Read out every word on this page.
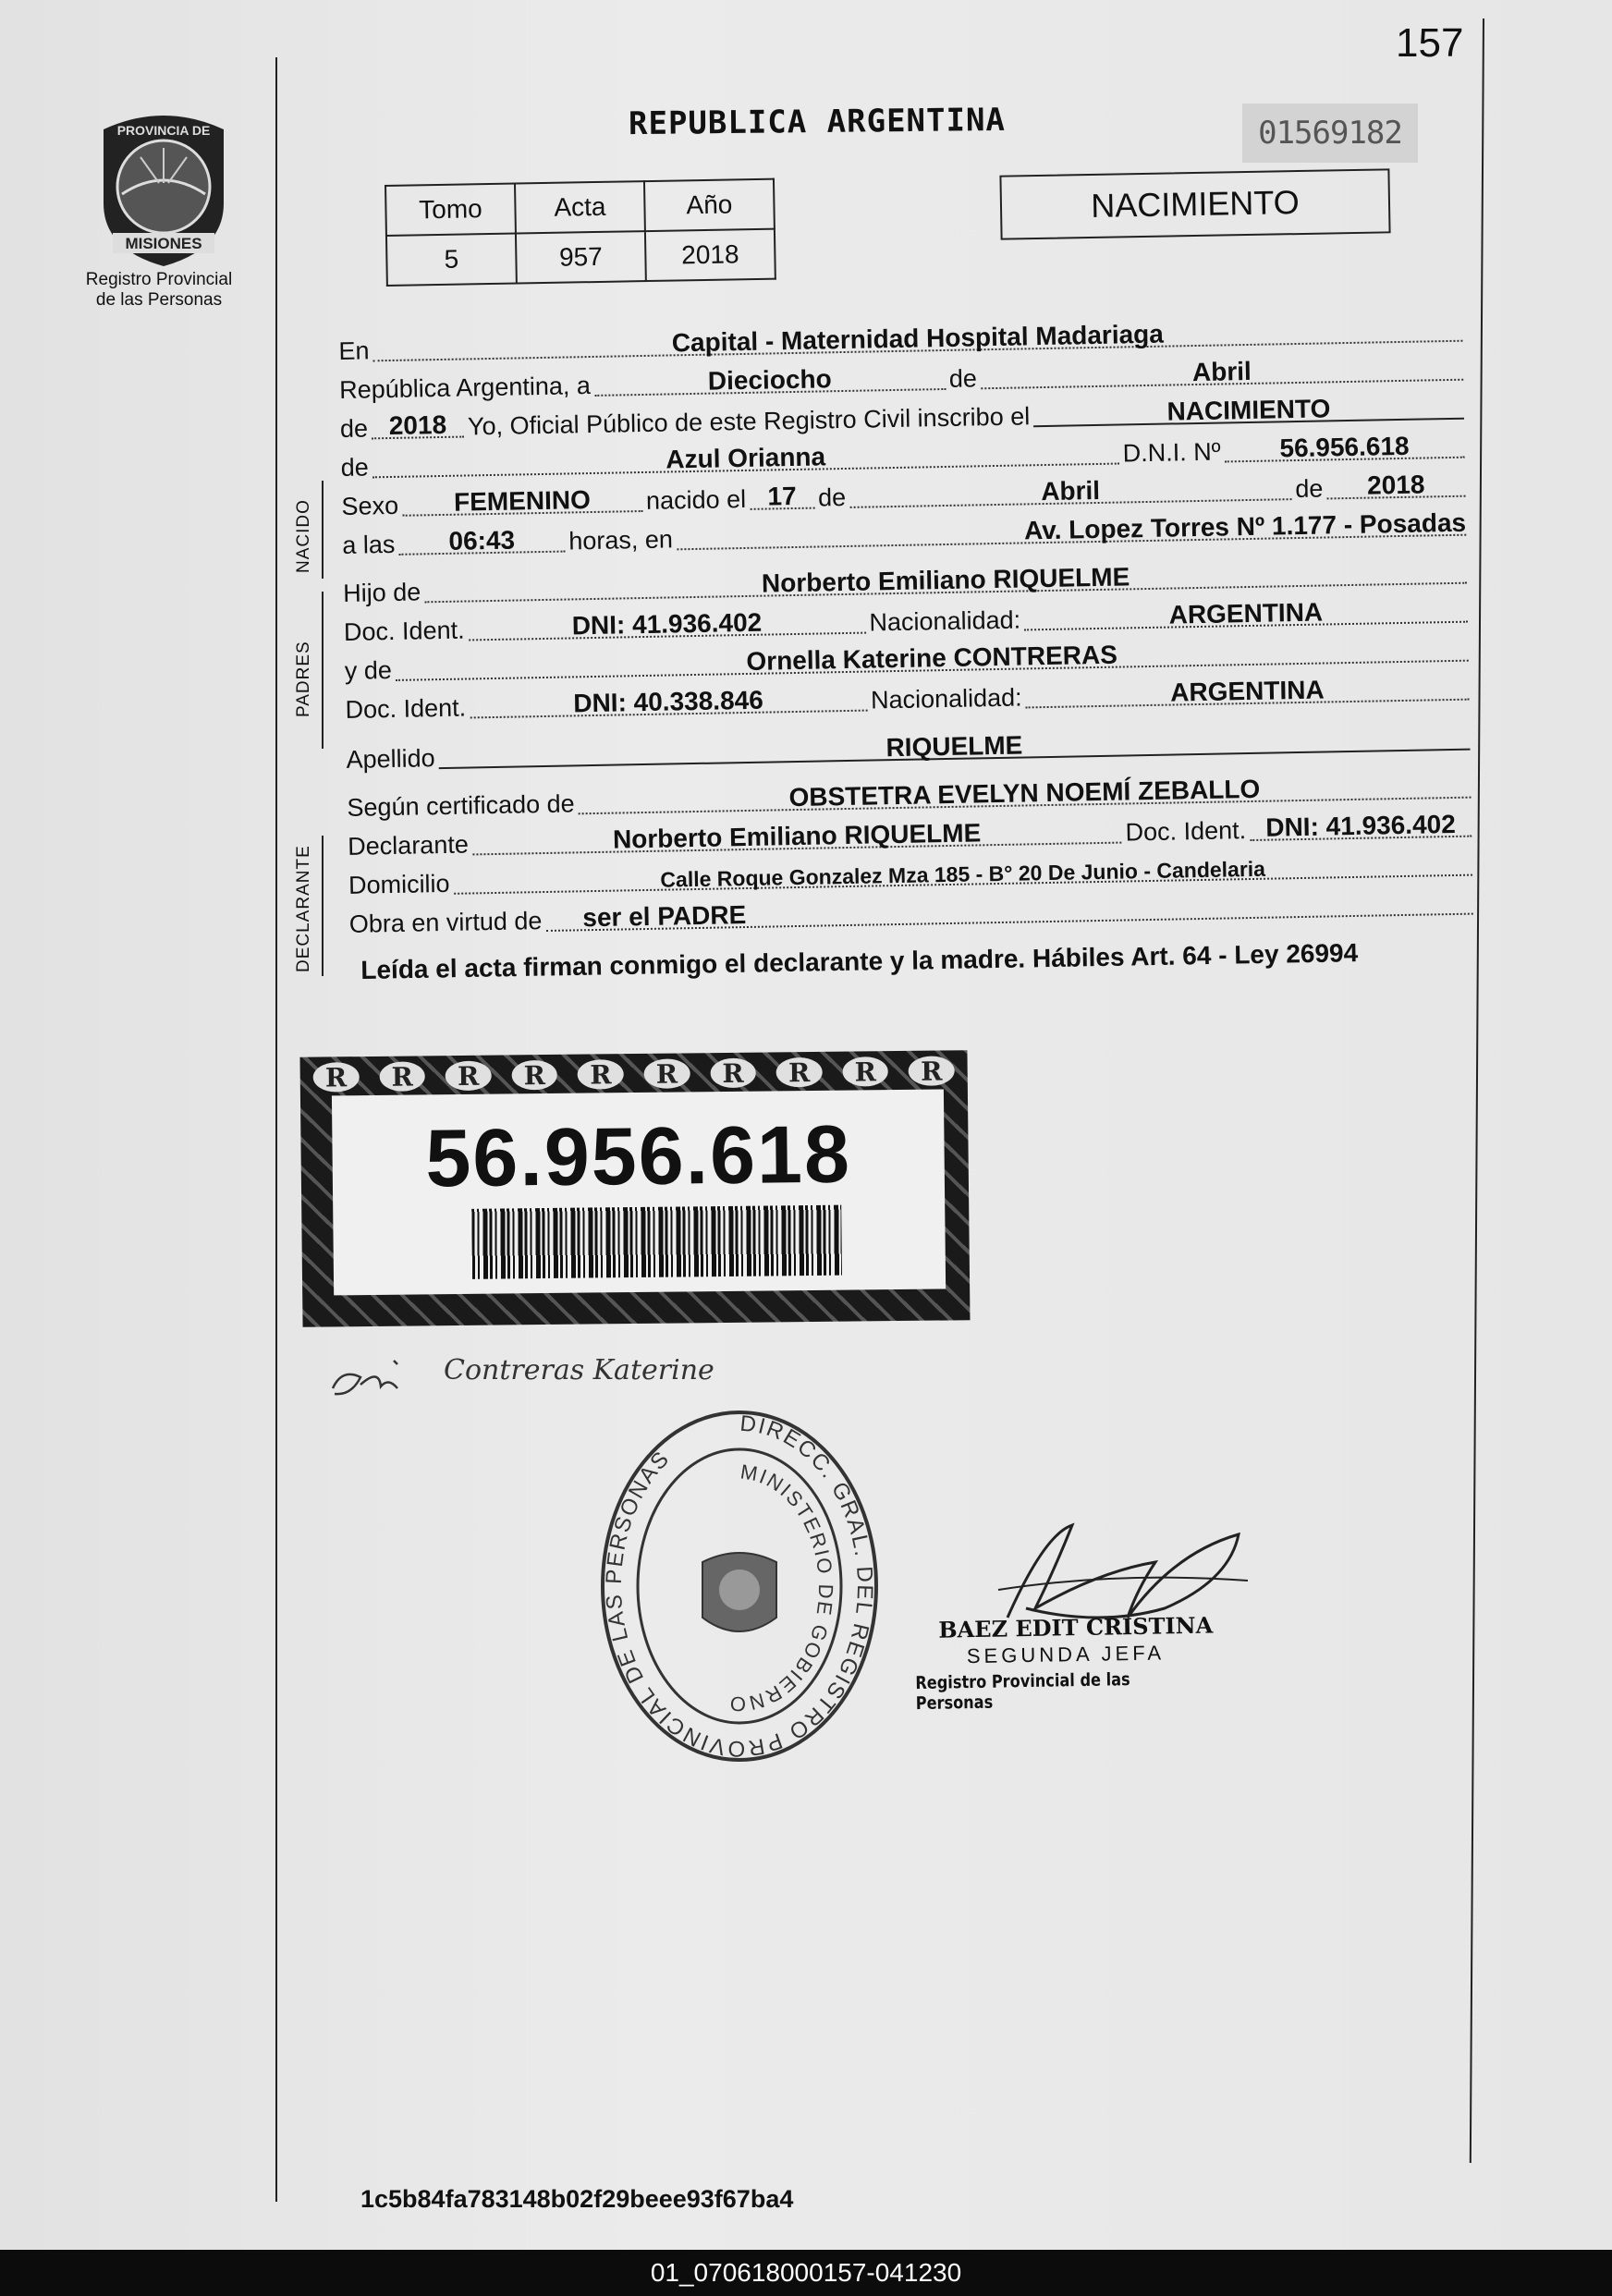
157
MISIONES
PROVINCIA DE
Registro Provincial
de las Personas
REPUBLICA ARGENTINA	01569182
Tomo	Acta	Año
5	957	2018
NACIMIENTO
NACIDO
PADRES
DECLARANTE
En	Capital - Maternidad Hospital Madariaga
República Argentina, a	Dieciocho	de	Abril
de 2018 Yo, Oficial Público de este Registro Civil inscribo el	NACIMIENTO
de	Azul Orianna	D.N.I. Nº	56.956.618
Sexo	FEMENINO	nacido el 17 de	Abril	de	2018
a las	06:43	horas, en	Av. Lopez Torres Nº 1.177 - Posadas
Hijo de	Norberto Emiliano RIQUELME
Doc. Ident.	DNI: 41.936.402	Nacionalidad:	ARGENTINA
y de	Ornella Katerine CONTRERAS
Doc. Ident.	DNI: 40.338.846	Nacionalidad:	ARGENTINA
Apellido	RIQUELME
Según certificado de	OBSTETRA EVELYN NOEMÍ ZEBALLO
Declarante	Norberto Emiliano RIQUELME	Doc. Ident. DNI: 41.936.402
Domicilio	Calle Roque Gonzalez Mza 185 - B° 20 De Junio - Candelaria
Obra en virtud de	ser el PADRE
Leída el acta firman conmigo el declarante y la madre. Hábiles Art. 64 - Ley 26994
R	R	R	R	R	R	R	R	R	R
56.956.618
Contreras Katerine
DIRECC. GRAL. DEL REGISTRO PROVINCIAL DE LAS PERSONAS	MINISTERIO DE GOBIERNO
BAEZ EDIT CRISTINA
SEGUNDA JEFA
Registro Provincial de las Personas
1c5b84fa783148b02f29beee93f67ba4
01_070618000157-041230
